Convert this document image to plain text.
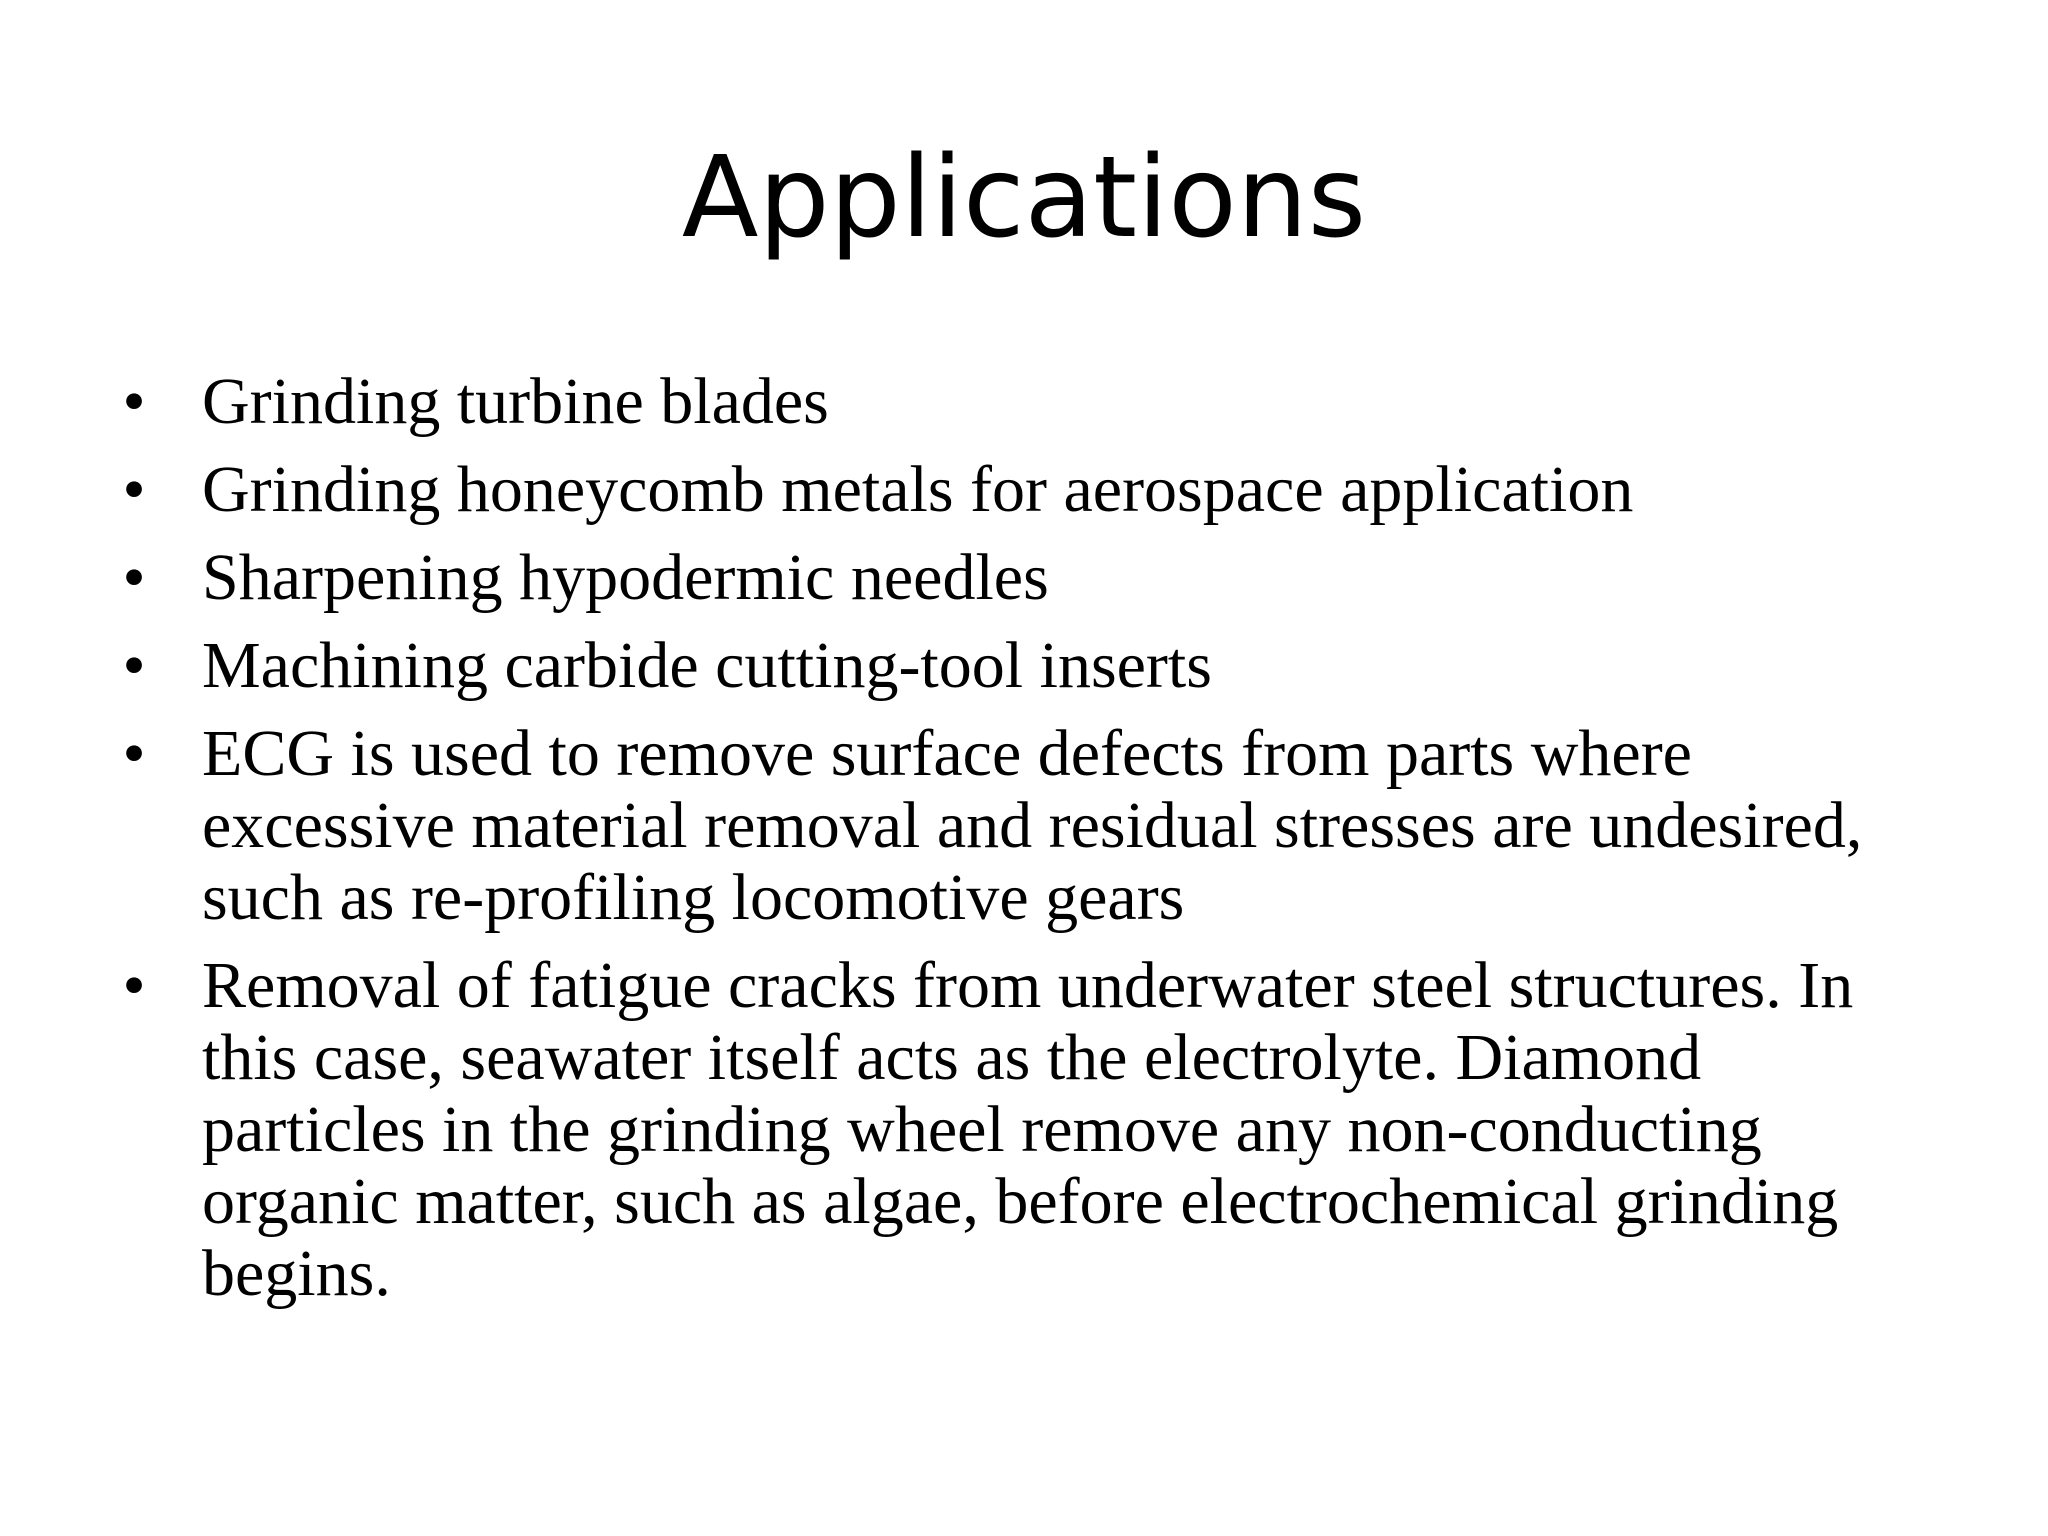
Applications
• Grinding turbine blades
• Grinding honeycomb metals for aerospace application
• Sharpening hypodermic needles
• Machining carbide cutting-tool inserts
• ECG is used to remove surface defects from parts where excessive material removal and residual stresses are undesired, such as re-profiling locomotive gears
• Removal of fatigue cracks from underwater steel structures. In this case, seawater itself acts as the electrolyte. Diamond particles in the grinding wheel remove any non-conducting organic matter, such as algae, before electrochemical grinding begins.
